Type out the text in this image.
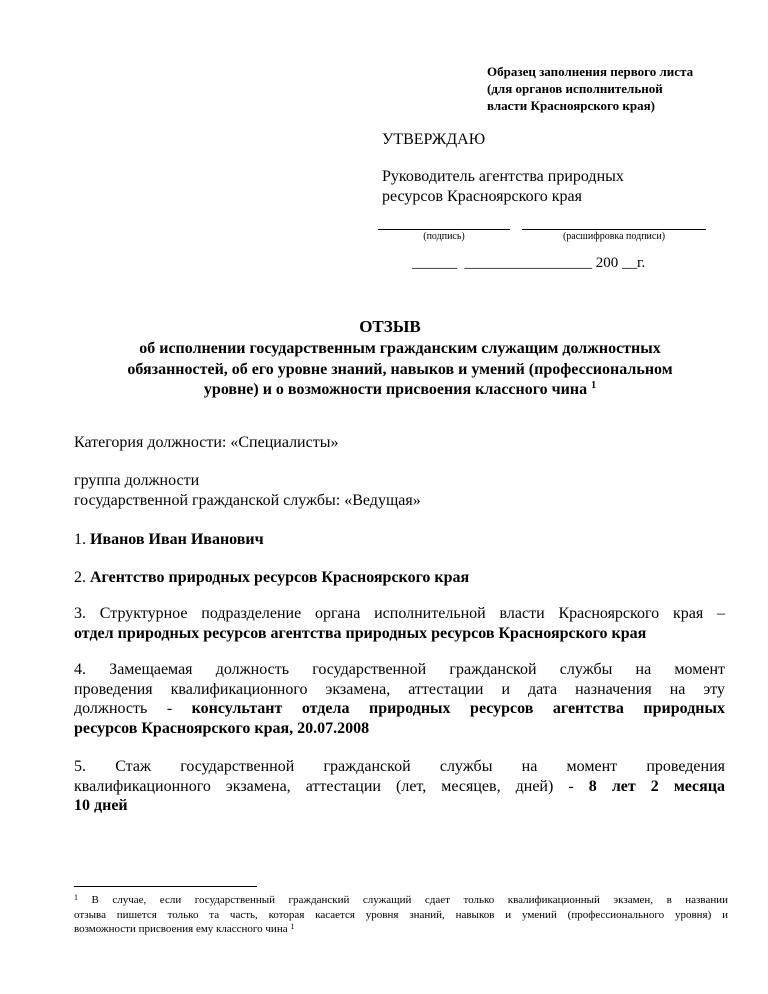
Образец заполнения первого листа
(для органов исполнительной
власти Красноярского края)
УТВЕРЖДАЮ
Руководитель агентства природных
ресурсов Красноярского края
(подпись)	(расшифровка подписи)
______  _________________ 200 __г.
ОТЗЫВ
об исполнении государственным гражданским служащим должностных
обязанностей, об его уровне знаний, навыков и умений (профессиональном
уровне) и о возможности присвоения классного чина $^1$
Категория должности: «Специалисты»
группа должности
государственной гражданской службы: «Ведущая»
1. Иванов Иван Иванович
2. Агентство природных ресурсов Красноярского края
3. Структурное подразделение органа исполнительной власти Красноярского края –
отдел природных ресурсов агентства природных ресурсов Красноярского края
4. Замещаемая должность государственной гражданской службы на момент
проведения квалификационного экзамена, аттестации и дата назначения на эту
должность - консультант отдела природных ресурсов агентства природных
ресурсов Красноярского края, 20.07.2008
5. Стаж государственной гражданской службы на момент проведения
квалификационного экзамена, аттестации (лет, месяцев, дней) - 8 лет 2 месяца
10 дней
$^1$ В случае, если государственный гражданский служащий сдает только квалификационный экзамен, в названии
отзыва пишется только та часть, которая касается уровня знаний, навыков и умений (профессионального уровня) и
возможности присвоения ему классного чина $^1$
